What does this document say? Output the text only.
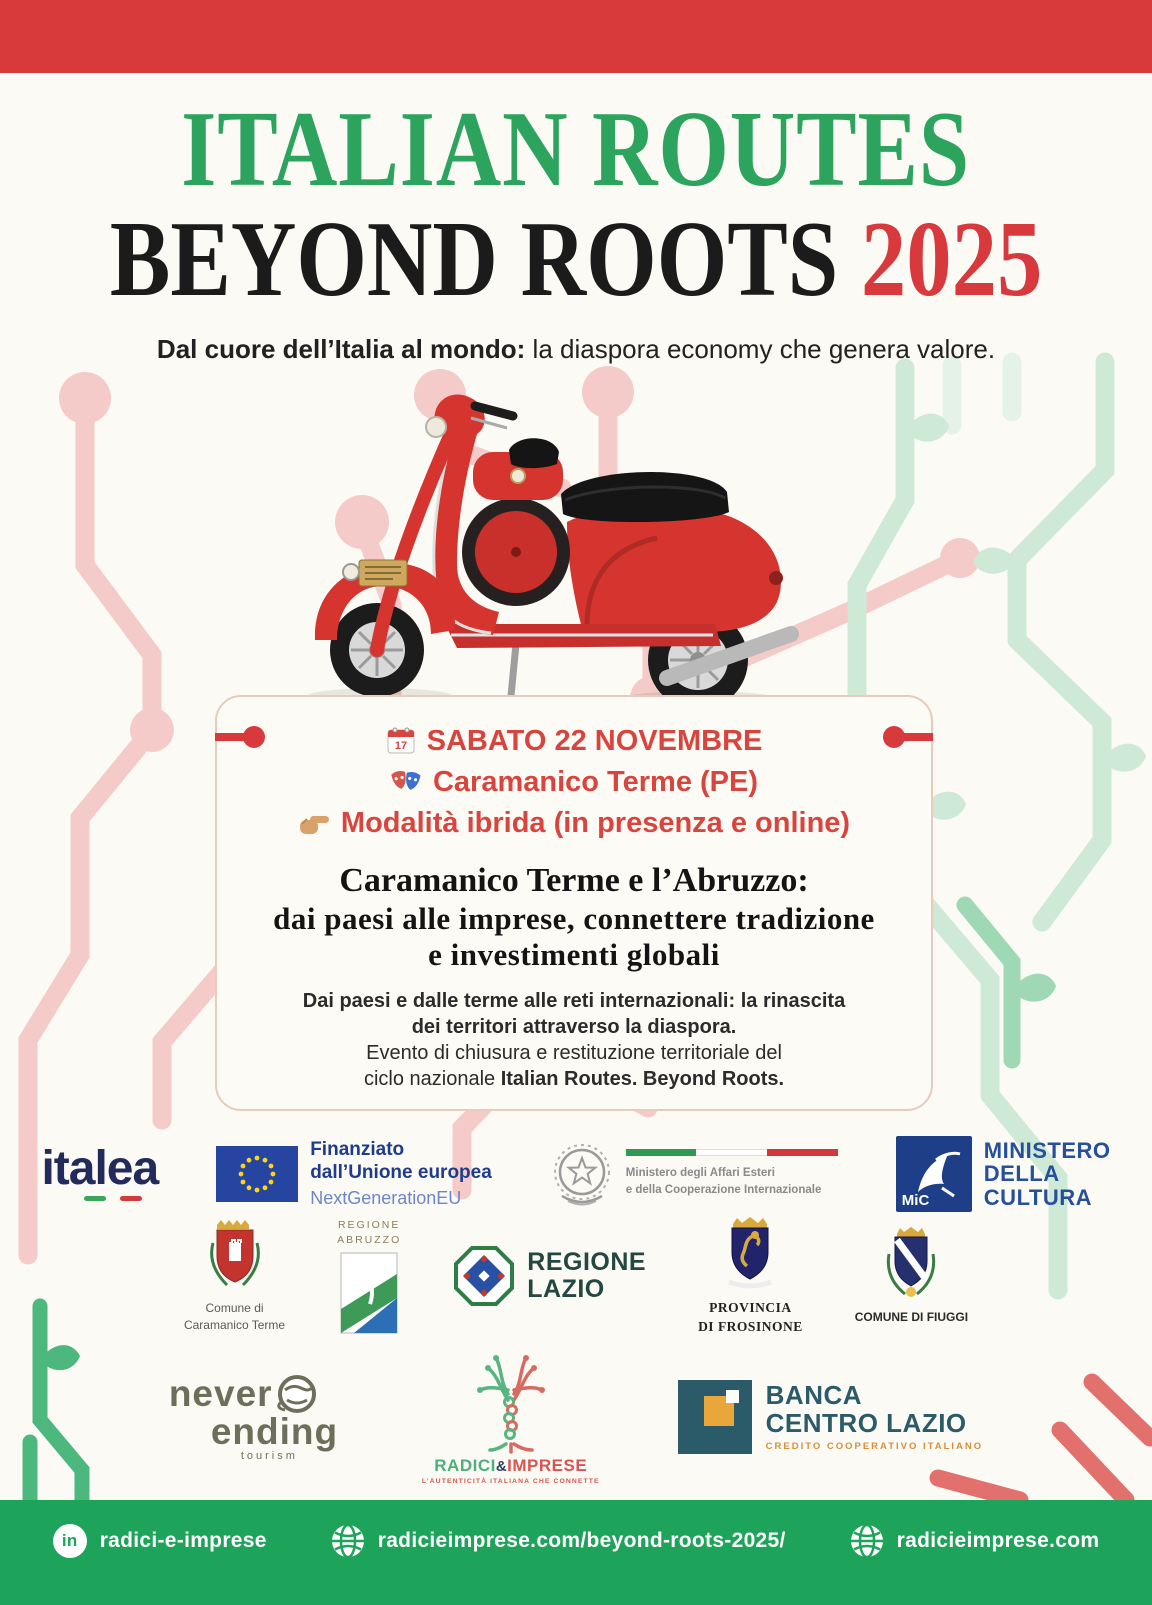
ITALIAN ROUTES
BEYOND ROOTS 2025
Dal cuore dell’Italia al mondo: la diaspora economy che genera valore.
17 SABATO 22 NOVEMBRE
Caramanico Terme (PE)
Modalità ibrida (in presenza e online)
Caramanico Terme e l’Abruzzo:
dai paesi alle imprese, connettere tradizione
e investimenti globali
Dai paesi e dalle terme alle reti internazionali: la rinascita
dei territori attraverso la diaspora.
Evento di chiusura e restituzione territoriale del
ciclo nazionale Italian Routes. Beyond Roots.
italea	Finanziato
dall’Unione europea
NextGenerationEU
Ministero degli Affari Esteri
e della Cooperazione Internazionale
MiC
MINISTERO
DELLA
CULTURA
Comune di
Caramanico Terme
REGIONE
ABRUZZO
REGIONE
LAZIO
PROVINCIA
DI FROSINONE
COMUNE DI FIUGGI
never
ending
tourism	RADICI&IMPRESE
L’AUTENTICITÀ ITALIANA CHE CONNETTE
BANCA
CENTRO LAZIO
CREDITO COOPERATIVO ITALIANO
in radici-e-imprese	radicieimprese.com/beyond-roots-2025/	radicieimprese.com
